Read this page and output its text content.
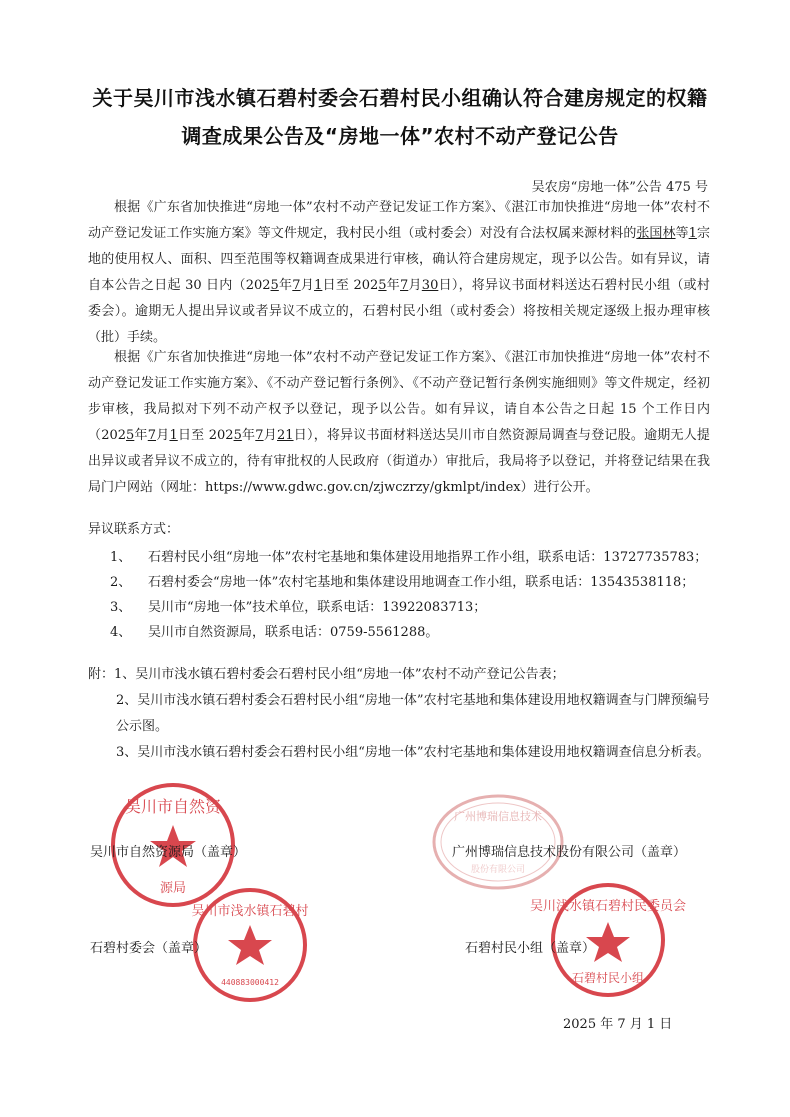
关于吴川市浅水镇石碧村委会石碧村民小组确认符合建房规定的权籍
调查成果公告及“房地一体”农村不动产登记公告
吴农房“房地一体”公告 475 号
根据《广东省加快推进“房地一体”农村不动产登记发证工作方案》、《湛江市加快推进“房地一体”农村不动产登记发证工作实施方案》等文件规定，我村民小组（或村委会）对没有合法权属来源材料的张国林等1宗地的使用权人、面积、四至范围等权籍调查成果进行审核，确认符合建房规定，现予以公告。如有异议，请自本公告之日起 30 日内（2025年7月1日至 2025年7月30日），将异议书面材料送达石碧村民小组（或村委会）。逾期无人提出异议或者异议不成立的，石碧村民小组（或村委会）将按相关规定逐级上报办理审核（批）手续。
根据《广东省加快推进“房地一体”农村不动产登记发证工作方案》、《湛江市加快推进“房地一体”农村不动产登记发证工作实施方案》、《不动产登记暂行条例》、《不动产登记暂行条例实施细则》等文件规定，经初步审核，我局拟对下列不动产权予以登记，现予以公告。如有异议，请自本公告之日起 15 个工作日内（2025年7月1日至 2025年7月21日），将异议书面材料送达吴川市自然资源局调查与登记股。逾期无人提出异议或者异议不成立的，待有审批权的人民政府（街道办）审批后，我局将予以登记，并将登记结果在我局门户网站（网址：https://www.gdwc.gov.cn/zjwczrzy/gkmlpt/index）进行公开。
异议联系方式：
1、 石碧村民小组“房地一体”农村宅基地和集体建设用地指界工作小组，联系电话：13727735783；
2、 石碧村委会“房地一体”农村宅基地和集体建设用地调查工作小组，联系电话：13543538118；
3、 吴川市“房地一体”技术单位，联系电话：13922083713；
4、 吴川市自然资源局，联系电话：0759-5561288。
附：1、吴川市浅水镇石碧村委会石碧村民小组“房地一体”农村不动产登记公告表；
2、吴川市浅水镇石碧村委会石碧村民小组“房地一体”农村宅基地和集体建设用地权籍调查与门牌预编号公示图。
3、吴川市浅水镇石碧村委会石碧村民小组“房地一体”农村宅基地和集体建设用地权籍调查信息分析表。
广州博瑞信息技术
股份有限公司
吴川市自然资
源局
吴川市自然资源局（盖章）	广州博瑞信息技术股份有限公司（盖章）
吴川市浅水镇石碧村
440883000412
吴川浅水镇石碧村民委员会
石碧村民小组
石碧村委会（盖章）	石碧村民小组（盖章）
2025 年 7 月 1 日
